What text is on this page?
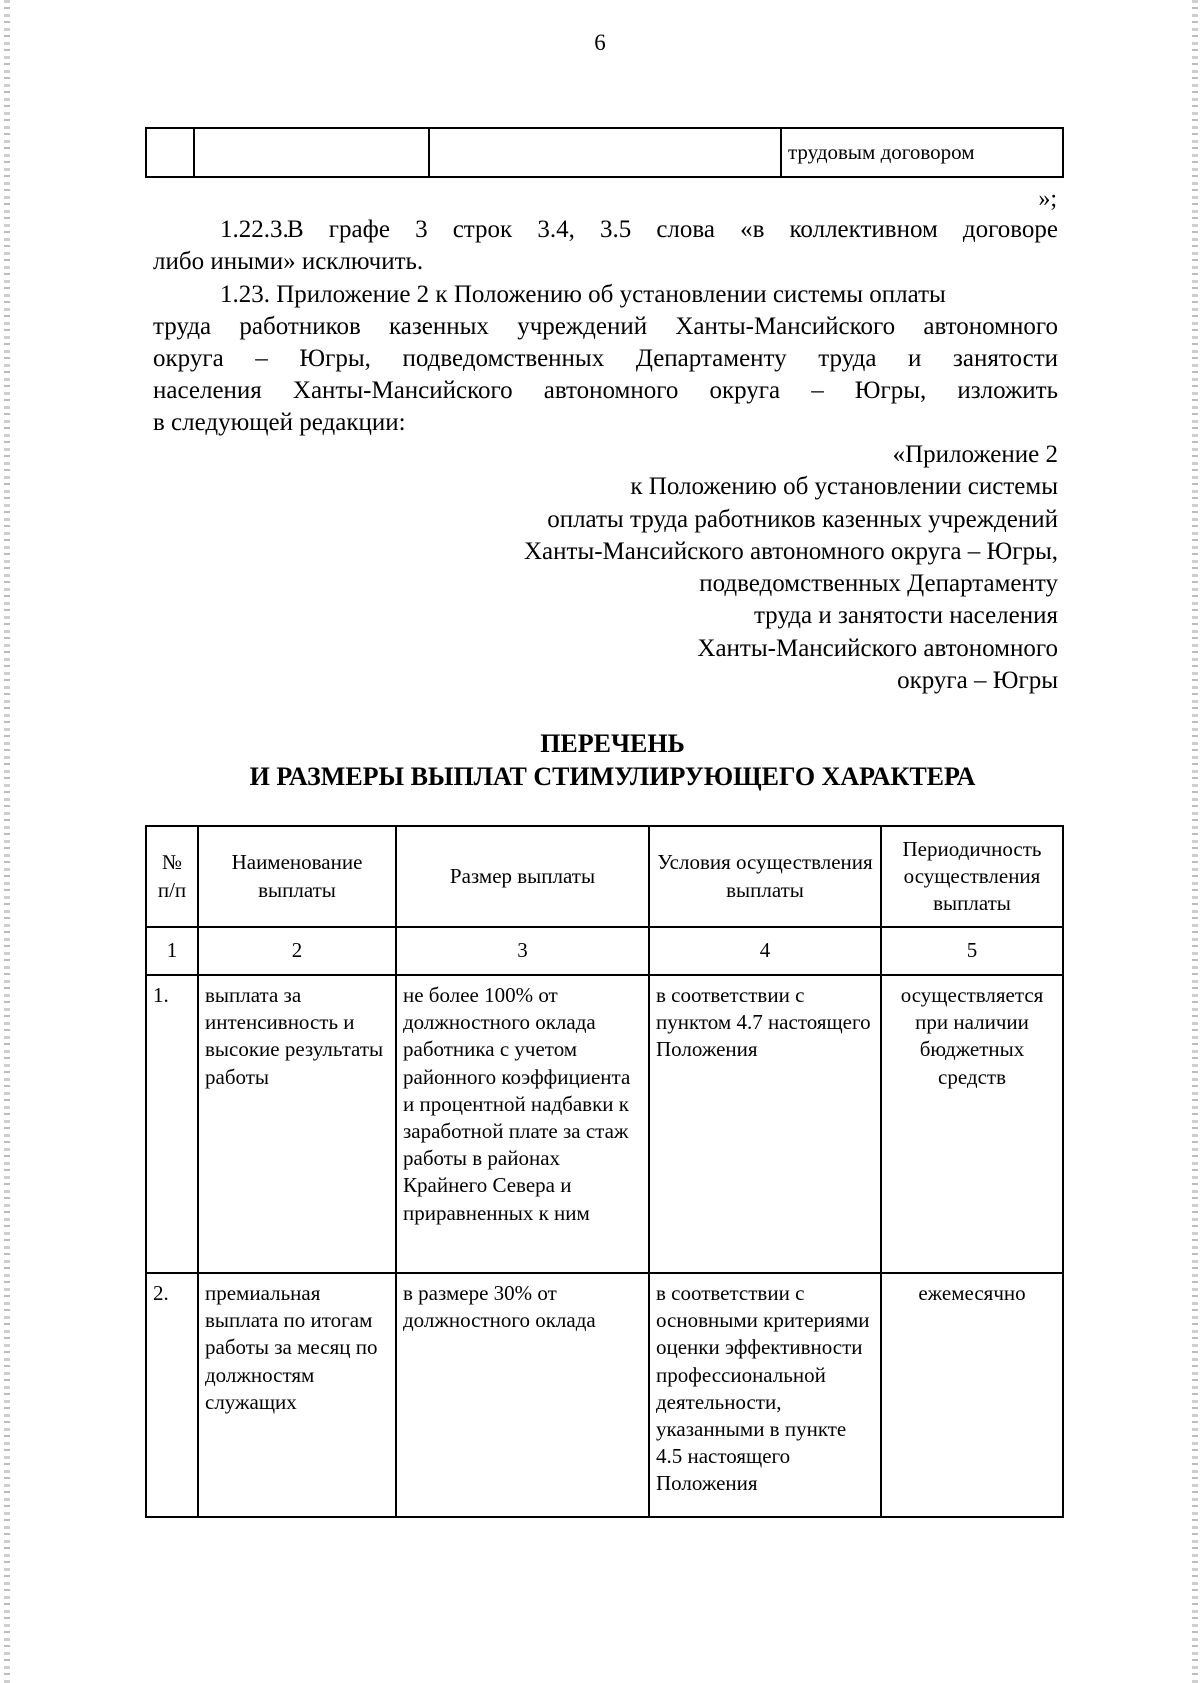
6
			трудовым договором
»;
1.22.3.В графе 3 строк 3.4, 3.5 слова «в коллективном договоре
либо иными» исключить.
1.23. Приложение 2 к Положению об установлении системы оплаты
труда работников казенных учреждений Ханты-Мансийского автономного
округа – Югры, подведомственных Департаменту труда и занятости
населения Ханты-Мансийского автономного округа – Югры, изложить
в следующей редакции:
«Приложение 2
к Положению об установлении системы
оплаты труда работников казенных учреждений
Ханты-Мансийского автономного округа – Югры,
подведомственных Департаменту
труда и занятости населения
Ханты-Мансийского автономного
округа – Югры
ПЕРЕЧЕНЬ
И РАЗМЕРЫ ВЫПЛАТ СТИМУЛИРУЮЩЕГО ХАРАКТЕРА
№ п/п	Наименование выплаты	Размер выплаты	Условия осуществления выплаты	Периодичность осуществления выплаты
1	2	3	4	5
1.	выплата за интенсивность и высокие результаты работы	не более 100% от должностного оклада работника с учетом районного коэффициента и процентной надбавки к заработной плате за стаж работы в районах Крайнего Севера и приравненных к ним	в соответствии с пунктом 4.7 настоящего Положения	осуществляется при наличии бюджетных средств
2.	премиальная выплата по итогам работы за месяц по должностям служащих	в размере 30% от должностного оклада	в соответствии с основными критериями оценки эффективности профессиональной деятельности, указанными в пункте 4.5 настоящего Положения	ежемесячно
